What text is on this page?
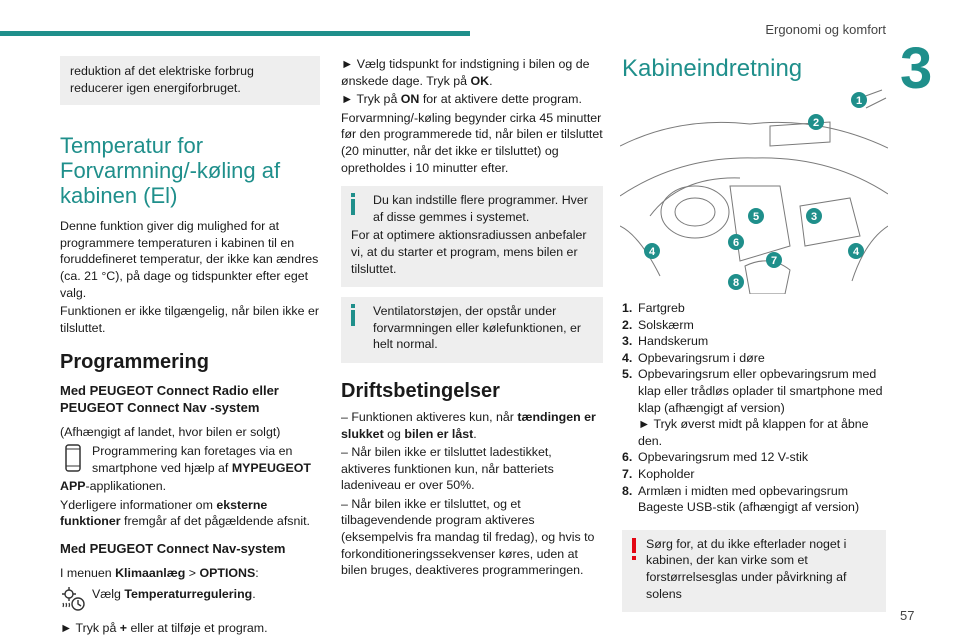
Ergonomi og komfort
3
57

reduktion af det elektriske forbrug reducerer igen energiforbruget.

Temperatur for Forvarmning/-køling af kabinen (El)

Denne funktion giver dig mulighed for at programmere temperaturen i kabinen til en foruddefineret temperatur, der ikke kan ændres (ca. 21 °C), på dage og tidspunkter efter eget valg.

Funktionen er ikke tilgængelig, når bilen ikke er tilsluttet.

Programmering
Med PEUGEOT Connect Radio eller PEUGEOT Connect Nav -system

(Afhængigt af landet, hvor bilen er solgt)

Programmering kan foretages via en smartphone ved hjælp af MYPEUGEOT

APP-applikationen.

Yderligere informationer om eksterne funktioner fremgår af det pågældende afsnit.

Med PEUGEOT Connect Nav-system

I menuen Klimaanlæg > OPTIONS:

Vælg Temperaturregulering.

► Tryk på + eller at tilføje et program.

► Vælg tidspunkt for indstigning i bilen og de ønskede dage. Tryk på OK.

► Tryk på ON for at aktivere dette program.

Forvarmning/-køling begynder cirka 45 minutter før den programmerede tid, når bilen er tilsluttet (20 minutter, når det ikke er tilsluttet) og opretholdes i 10 minutter efter.

Du kan indstille flere programmer. Hver af disse gemmes i systemet.

For at optimere aktionsradiussen anbefaler vi, at du starter et program, mens bilen er tilsluttet.

Ventilatorstøjen, der opstår under forvarmningen eller kølefunktionen, er helt normal.

Driftsbetingelser

– Funktionen aktiveres kun, når tændingen er slukket og bilen er låst.

– Når bilen ikke er tilsluttet ladestikket, aktiveres funktionen kun, når batteriets ladeniveau er over 50%.

– Når bilen ikke er tilsluttet, og et tilbagevendende program aktiveres (eksempelvis fra mandag til fredag), og hvis to forkonditioneringssekvenser køres, uden at bilen bruges, deaktiveres programmeringen.

Kabineindretning
1
2
3
4	4
5
6
7
8
1. Fartgreb
2. Solskærm
3. Handskerum
4. Opbevaringsrum i døre
5. Opbevaringsrum eller opbevaringsrum med klap eller trådløs oplader til smartphone med klap (afhængigt af version)
► Tryk øverst midt på klappen for at åbne den.
6. Opbevaringsrum med 12 V-stik
7. Kopholder
8. Armlæn i midten med opbevaringsrum
Bageste USB-stik (afhængigt af version)

Sørg for, at du ikke efterlader noget i kabinen, der kan virke som et forstørrelsesglas under påvirkning af solens
